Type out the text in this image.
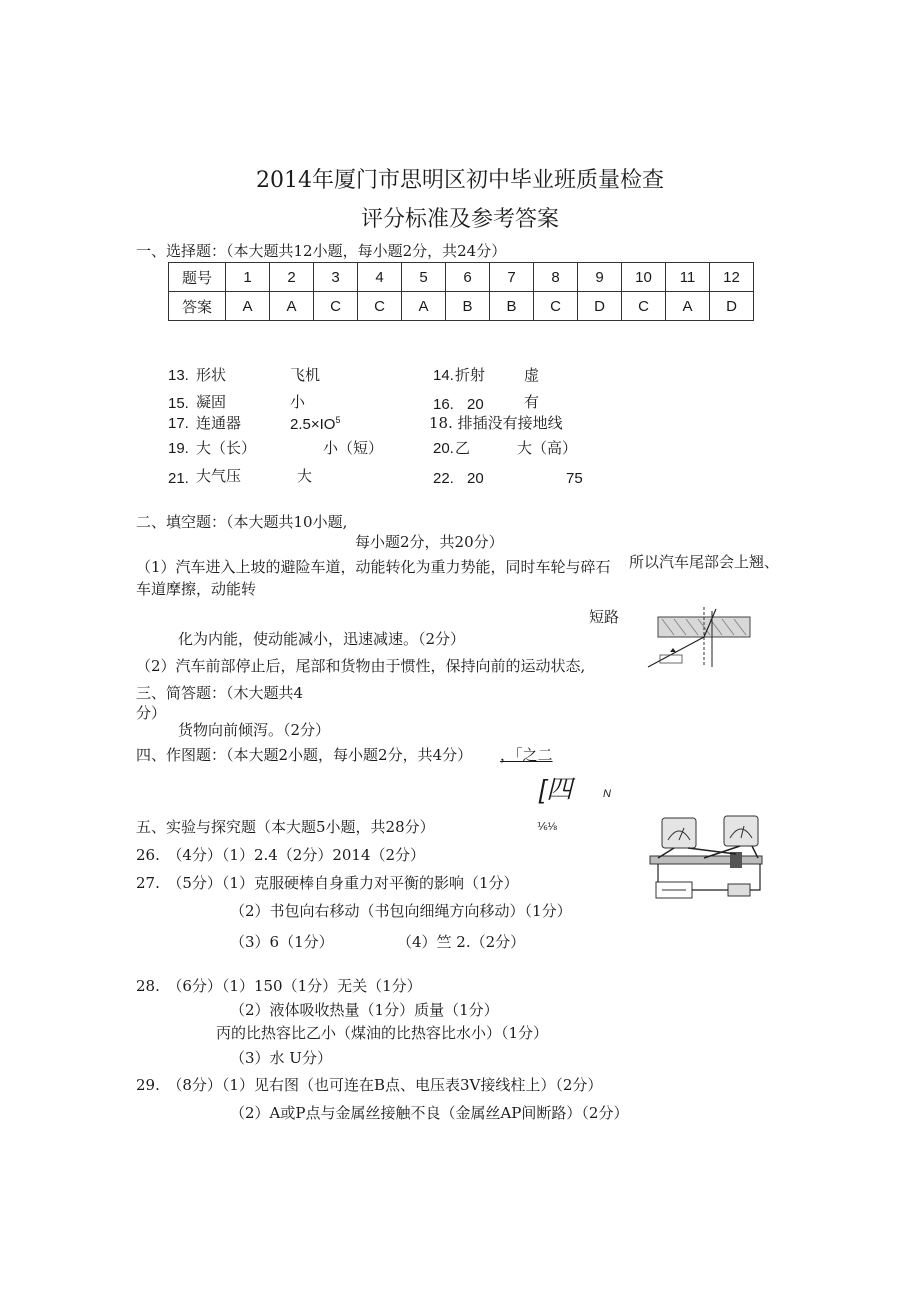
2014年厦门市思明区初中毕业班质量检查
评分标准及参考答案
一、选择题：（本大题共12小题，每小题2分，共24分）
题号	1	2	3	4	5	6	7	8	9	10	11	12
答案	A	A	C	C	A	B	B	C	D	C	A	D
13. 形状	飞机	14. 折射	虚
15. 凝固	小	16. 20	有
17. 连通器	$2.5\times IO^5$	18. 排插没有接地线
19. 大（长）	小（短）	20. 乙	大（高）
21. 大气压	大	22. 20	75
二、填空题：（本大题共10小题,
每小题2分，共20分）
（1）汽车进入上坡的避险车道，动能转化为重力势能，同时车轮与碎石 所以汽车尾部会上翘、
车道摩擦，动能转
短路
化为内能，使动能减小，迅速减速。（2分）
（2）汽车前部停止后，尾部和货物由于惯性，保持向前的运动状态,
三、简答题：（木大题共4
分）
货物向前倾泻。（2分）
四、作图题：（本大题2小题，每小题2分，共4分） ，「之二
[四	N
五、实验与探究题（本大题5小题，共28分）	⅙⅛
26.　（4分）（1）2.4（2分）2014（2分）
27.　（5分）（1）克服硬棒自身重力对平衡的影响（1分）
（2）书包向右移动（书包向细绳方向移动）（1分）
（3）6（1分）	（4）竺 2.（2分）
28.　（6分）（1）150（1分）无关（1分）
（2）液体吸收热量（1分）质量（1分）
丙的比热容比乙小（煤油的比热容比水小）（1分）
（3）水 U分）
29.　（8分）（1）见右图（也可连在B点、电压表3V接线柱上）（2分）
（2）A或P点与金属丝接触不良（金属丝AP间断路）（2分）
